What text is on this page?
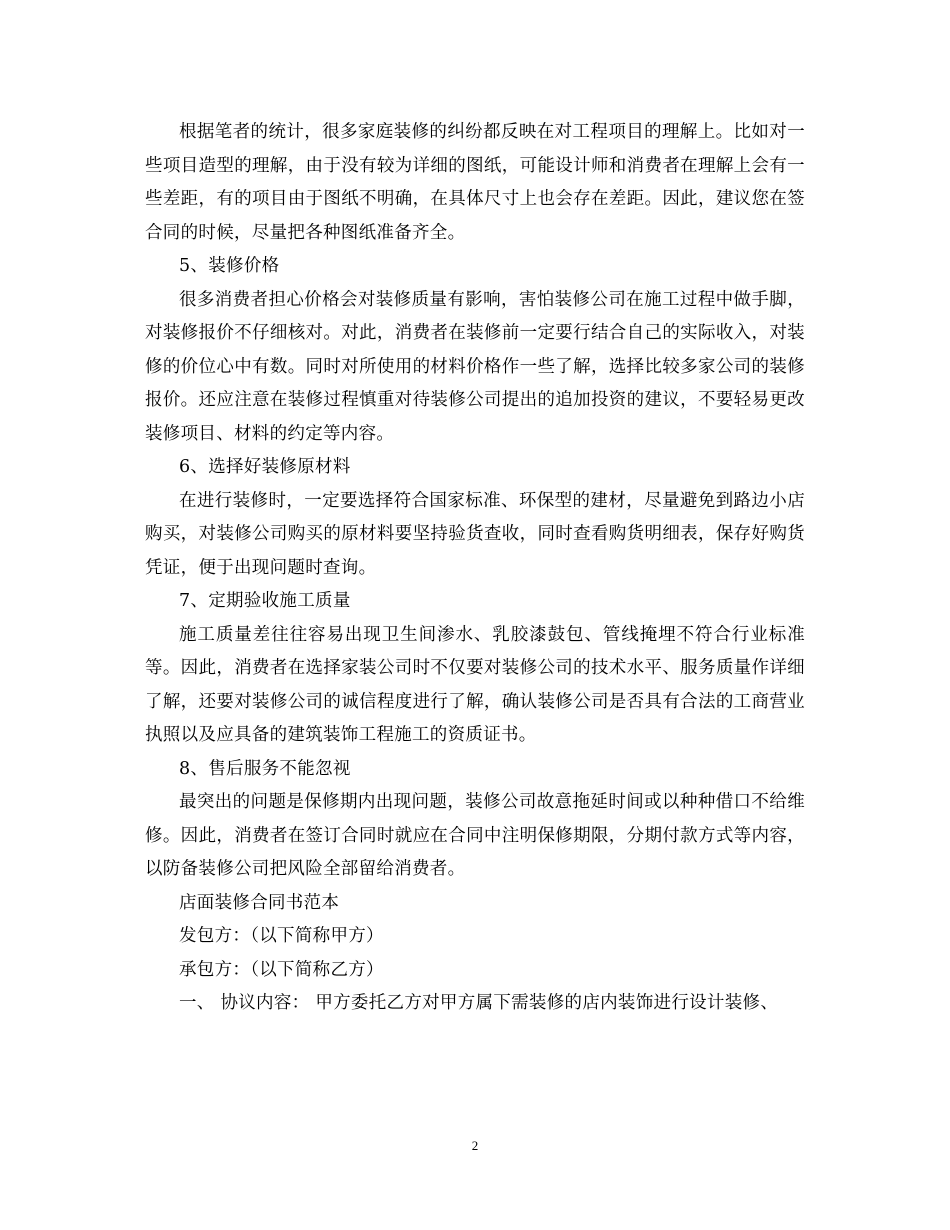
根据笔者的统计，很多家庭装修的纠纷都反映在对工程项目的理解上。比如对一些项目造型的理解，由于没有较为详细的图纸，可能设计师和消费者在理解上会有一些差距，有的项目由于图纸不明确，在具体尺寸上也会存在差距。因此，建议您在签合同的时候，尽量把各种图纸准备齐全。

5、装修价格

很多消费者担心价格会对装修质量有影响，害怕装修公司在施工过程中做手脚，对装修报价不仔细核对。对此，消费者在装修前一定要行结合自己的实际收入，对装修的价位心中有数。同时对所使用的材料价格作一些了解，选择比较多家公司的装修报价。还应注意在装修过程慎重对待装修公司提出的追加投资的建议，不要轻易更改装修项目、材料的约定等内容。

6、选择好装修原材料

在进行装修时，一定要选择符合国家标准、环保型的建材，尽量避免到路边小店购买，对装修公司购买的原材料要坚持验货查收，同时查看购货明细表，保存好购货凭证，便于出现问题时查询。

7、定期验收施工质量

施工质量差往往容易出现卫生间渗水、乳胶漆鼓包、管线掩埋不符合行业标准等。因此，消费者在选择家装公司时不仅要对装修公司的技术水平、服务质量作详细了解，还要对装修公司的诚信程度进行了解，确认装修公司是否具有合法的工商营业执照以及应具备的建筑装饰工程施工的资质证书。

8、售后服务不能忽视

最突出的问题是保修期内出现问题，装修公司故意拖延时间或以种种借口不给维修。因此，消费者在签订合同时就应在合同中注明保修期限，分期付款方式等内容，以防备装修公司把风险全部留给消费者。

店面装修合同书范本

发包方：（以下简称甲方）

承包方：（以下简称乙方）

一、 协议内容： 甲方委托乙方对甲方属下需装修的店内装饰进行设计装修、

2
